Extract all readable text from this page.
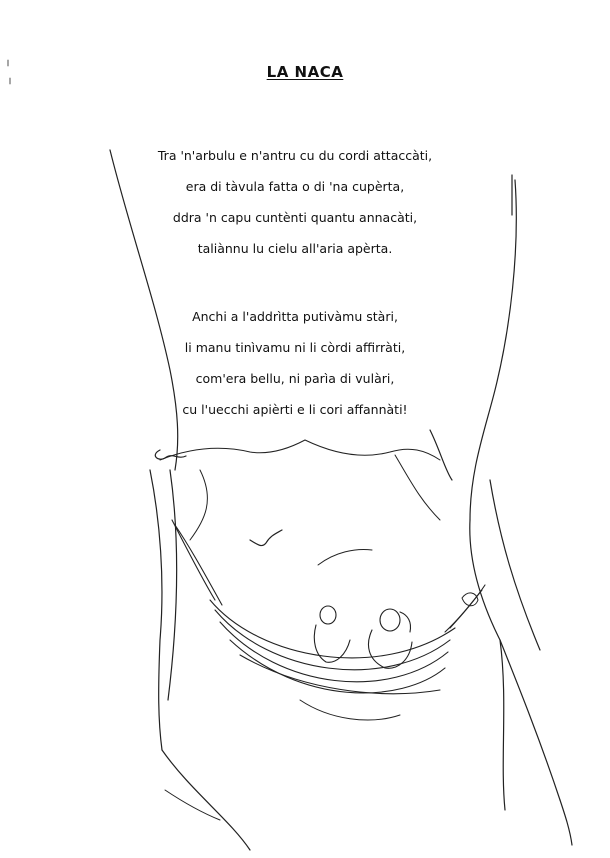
LA NACA
Tra 'n'arbulu e n'antru cu du cordi attaccàti,
era di tàvula fatta o di 'na cupèrta,
ddra 'n capu cuntènti quantu annacàti,
taliànnu lu cielu all'aria apèrta.
Anchi a l'addrìtta putivàmu stàri,
li manu tinìvamu ni li còrdi affirràti,
com'era bellu, ni parìa di vulàri,
cu l'uecchi apièrti e li cori affannàti!
